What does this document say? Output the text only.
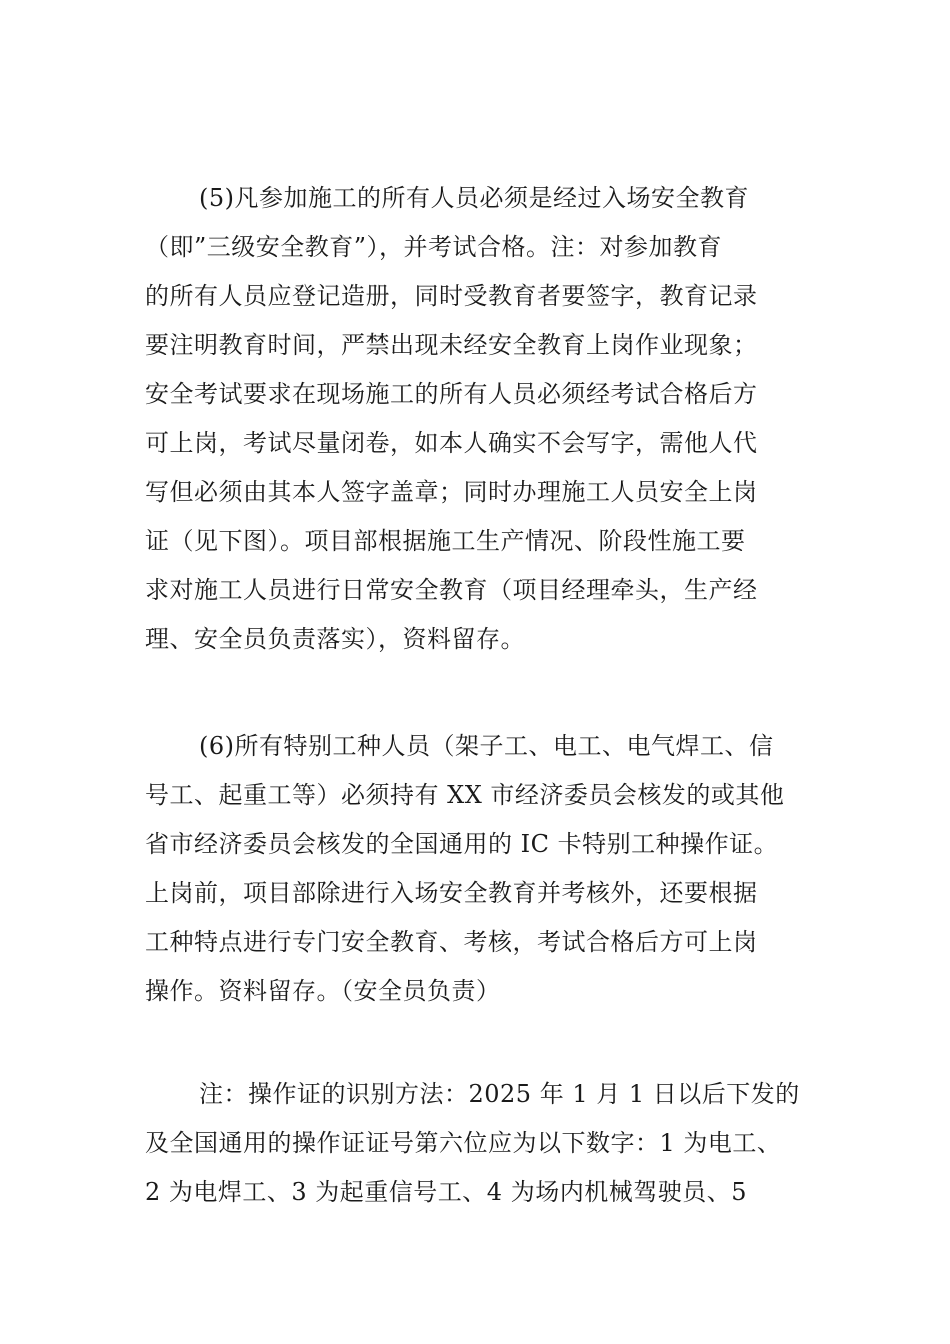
(5)凡参加施工的所有人员必须是经过入场安全教育
（即”三级安全教育”），并考试合格。注：对参加教育
的所有人员应登记造册，同时受教育者要签字，教育记录
要注明教育时间，严禁出现未经安全教育上岗作业现象；
安全考试要求在现场施工的所有人员必须经考试合格后方
可上岗，考试尽量闭卷，如本人确实不会写字，需他人代
写但必须由其本人签字盖章；同时办理施工人员安全上岗
证（见下图）。项目部根据施工生产情况、阶段性施工要
求对施工人员进行日常安全教育（项目经理牵头，生产经
理、安全员负责落实），资料留存。
(6)所有特别工种人员（架子工、电工、电气焊工、信
号工、起重工等）必须持有 XX 市经济委员会核发的或其他
省市经济委员会核发的全国通用的 IC 卡特别工种操作证。
上岗前，项目部除进行入场安全教育并考核外，还要根据
工种特点进行专门安全教育、考核，考试合格后方可上岗
操作。资料留存。（安全员负责）
注：操作证的识别方法：2025 年 1 月 1 日以后下发的
及全国通用的操作证证号第六位应为以下数字：1 为电工、
2 为电焊工、3 为起重信号工、4 为场内机械驾驶员、5
